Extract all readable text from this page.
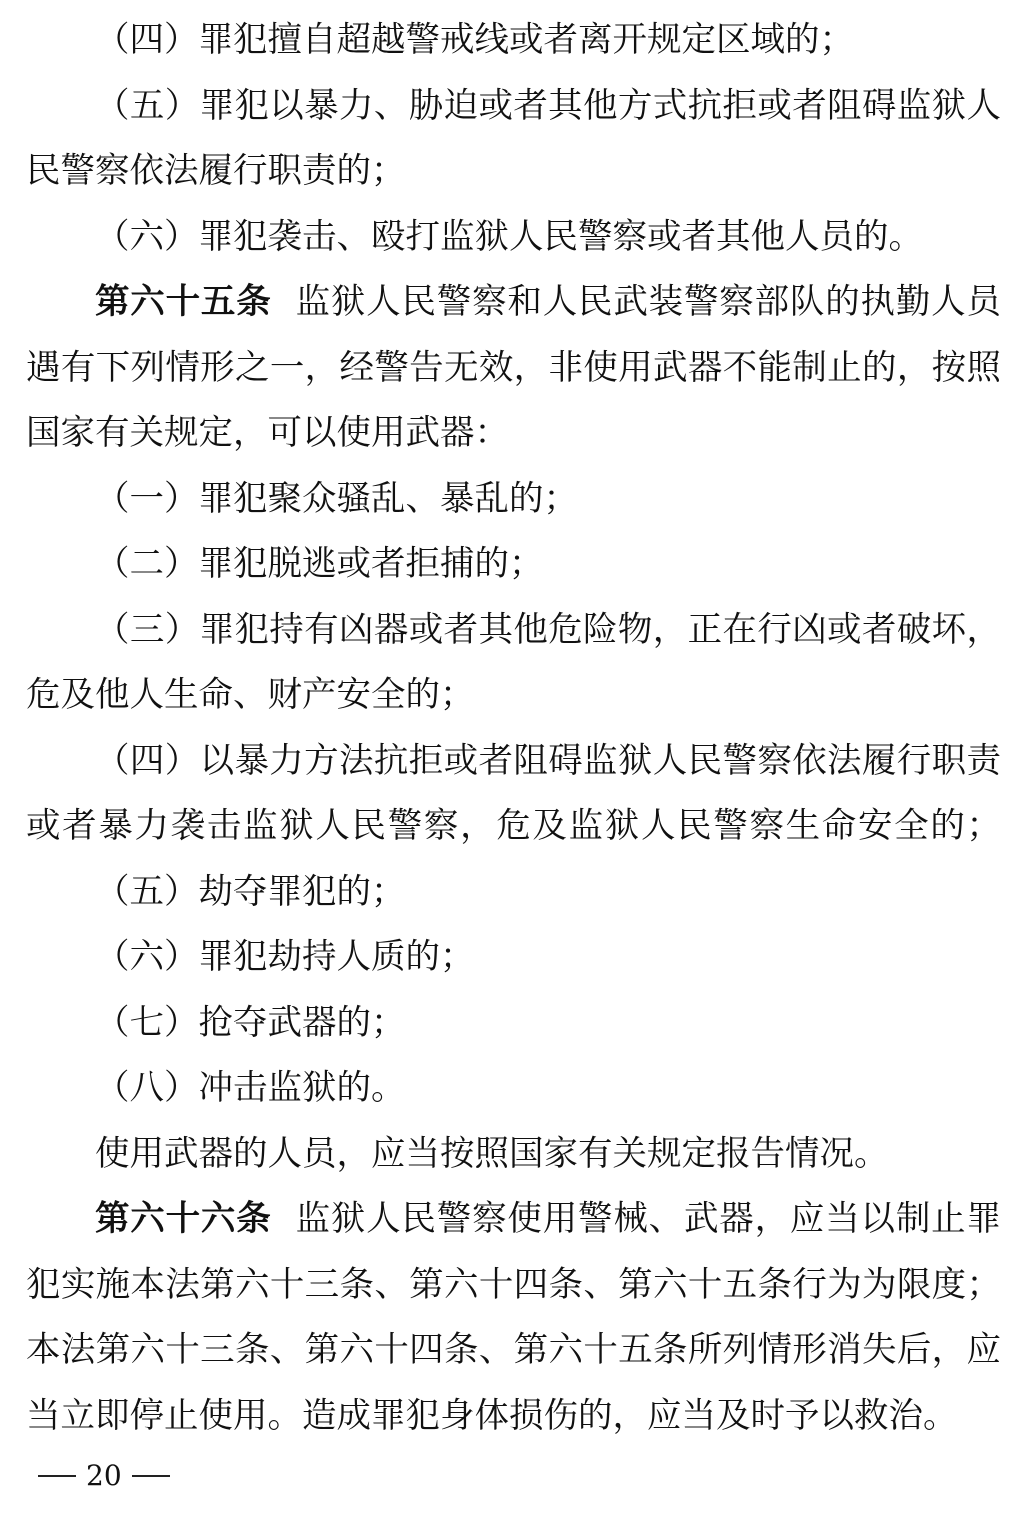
（四）罪犯擅自超越警戒线或者离开规定区域的；
（五）罪犯以暴力、胁迫或者其他方式抗拒或者阻碍监狱人
民警察依法履行职责的；
（六）罪犯袭击、殴打监狱人民警察或者其他人员的。
第六十五条 监狱人民警察和人民武装警察部队的执勤人员
遇有下列情形之一，经警告无效，非使用武器不能制止的，按照
国家有关规定，可以使用武器：
（一）罪犯聚众骚乱、暴乱的；
（二）罪犯脱逃或者拒捕的；
（三）罪犯持有凶器或者其他危险物，正在行凶或者破坏，
危及他人生命、财产安全的；
（四）以暴力方法抗拒或者阻碍监狱人民警察依法履行职责
或者暴力袭击监狱人民警察，危及监狱人民警察生命安全的；
（五）劫夺罪犯的；
（六）罪犯劫持人质的；
（七）抢夺武器的；
（八）冲击监狱的。
使用武器的人员，应当按照国家有关规定报告情况。
第六十六条 监狱人民警察使用警械、武器，应当以制止罪
犯实施本法第六十三条、第六十四条、第六十五条行为为限度；
本法第六十三条、第六十四条、第六十五条所列情形消失后，应
当立即停止使用。造成罪犯身体损伤的，应当及时予以救治。
20
